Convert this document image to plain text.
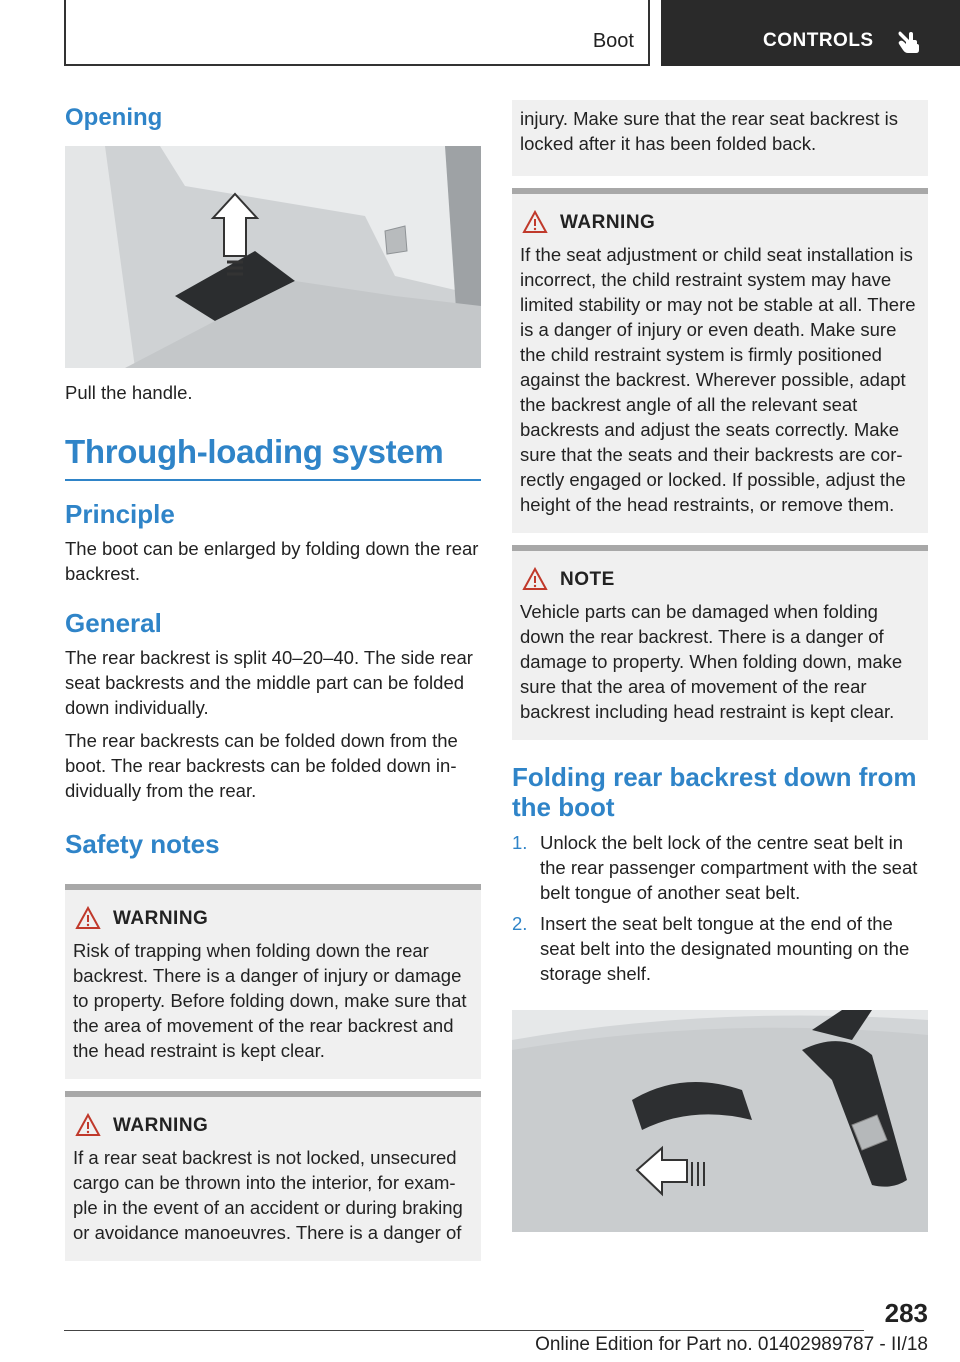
Boot	CONTROLS
Opening

Pull the handle.

Through-loading system
Principle

The boot can be enlarged by folding down the rear backrest.

General

The rear backrest is split 40–20–40. The side rear seat backrests and the middle part can be folded down individually.

The rear backrests can be folded down from the boot. The rear backrests can be folded down individually from the rear.

Safety notes
WARNING

Risk of trapping when folding down the rear backrest. There is a danger of injury or damage to property. Before folding down, make sure that the area of movement of the rear backrest and the head restraint is kept clear.

WARNING

If a rear seat backrest is not locked, unsecured cargo can be thrown into the interior, for example in the event of an accident or during braking or avoidance manoeuvres. There is a danger of

injury. Make sure that the rear seat backrest is locked after it has been folded back.

WARNING

If the seat adjustment or child seat installation is incorrect, the child restraint system may have limited stability or may not be stable at all. There is a danger of injury or even death. Make sure the child restraint system is firmly positioned against the backrest. Wherever possible, adapt the backrest angle of all the relevant seat backrests and adjust the seats correctly. Make sure that the seats and their backrests are correctly engaged or locked. If possible, adjust the height of the head restraints, or remove them.

NOTE

Vehicle parts can be damaged when folding down the rear backrest. There is a danger of damage to property. When folding down, make sure that the area of movement of the rear backrest including head restraint is kept clear.

Folding rear backrest down from the boot
1. Unlock the belt lock of the centre seat belt in the rear passenger compartment with the seat belt tongue of another seat belt.
2. Insert the seat belt tongue at the end of the seat belt into the designated mounting on the storage shelf.
283
Online Edition for Part no. 01402989787 - II/18
